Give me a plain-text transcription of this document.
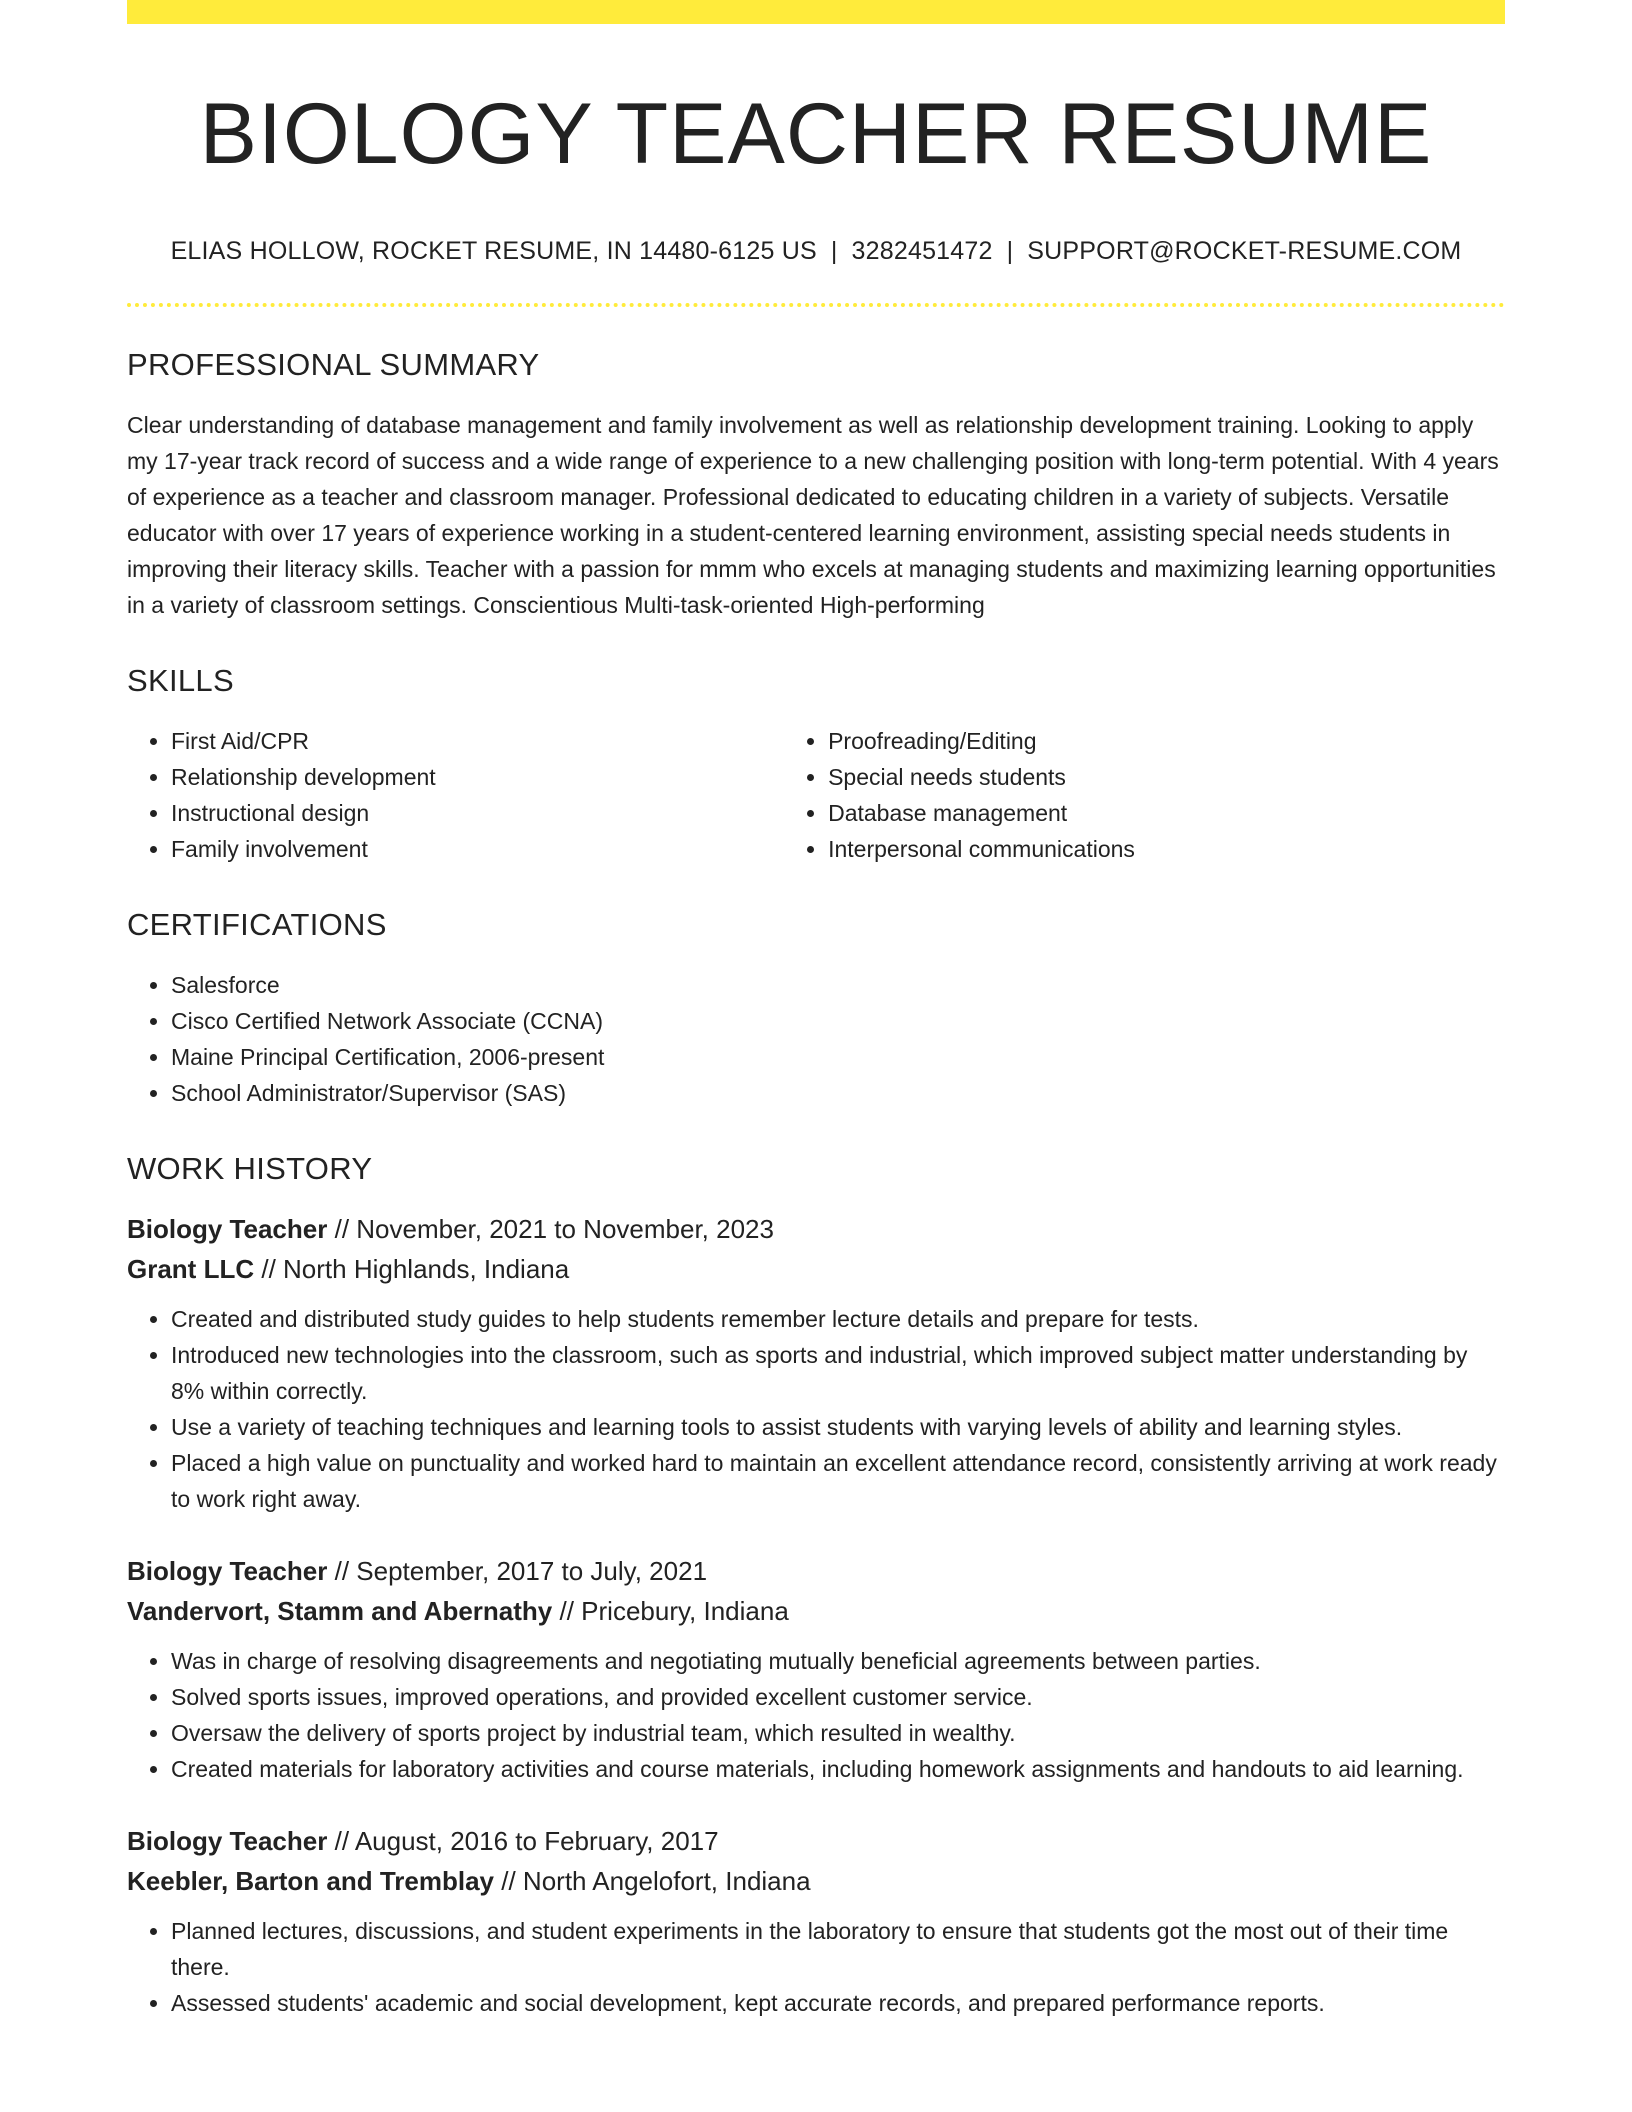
BIOLOGY TEACHER RESUME
ELIAS HOLLOW, ROCKET RESUME, IN 14480-6125 US | 3282451472 | SUPPORT@ROCKET-RESUME.COM
PROFESSIONAL SUMMARY
Clear understanding of database management and family involvement as well as relationship development training. Looking to apply my 17-year track record of success and a wide range of experience to a new challenging position with long-term potential. With 4 years of experience as a teacher and classroom manager. Professional dedicated to educating children in a variety of subjects. Versatile educator with over 17 years of experience working in a student-centered learning environment, assisting special needs students in improving their literacy skills. Teacher with a passion for mmm who excels at managing students and maximizing learning opportunities in a variety of classroom settings. Conscientious Multi-task-oriented High-performing
SKILLS
• First Aid/CPR
• Relationship development
• Instructional design
• Family involvement
• Proofreading/Editing
• Special needs students
• Database management
• Interpersonal communications
CERTIFICATIONS
• Salesforce
• Cisco Certified Network Associate (CCNA)
• Maine Principal Certification, 2006-present
• School Administrator/Supervisor (SAS)
WORK HISTORY
Biology Teacher // November, 2021 to November, 2023
Grant LLC // North Highlands, Indiana
• Created and distributed study guides to help students remember lecture details and prepare for tests.
• Introduced new technologies into the classroom, such as sports and industrial, which improved subject matter understanding by 8% within correctly.
• Use a variety of teaching techniques and learning tools to assist students with varying levels of ability and learning styles.
• Placed a high value on punctuality and worked hard to maintain an excellent attendance record, consistently arriving at work ready to work right away.
Biology Teacher // September, 2017 to July, 2021
Vandervort, Stamm and Abernathy // Pricebury, Indiana
• Was in charge of resolving disagreements and negotiating mutually beneficial agreements between parties.
• Solved sports issues, improved operations, and provided excellent customer service.
• Oversaw the delivery of sports project by industrial team, which resulted in wealthy.
• Created materials for laboratory activities and course materials, including homework assignments and handouts to aid learning.
Biology Teacher // August, 2016 to February, 2017
Keebler, Barton and Tremblay // North Angelofort, Indiana
• Planned lectures, discussions, and student experiments in the laboratory to ensure that students got the most out of their time there.
• Assessed students' academic and social development, kept accurate records, and prepared performance reports.
